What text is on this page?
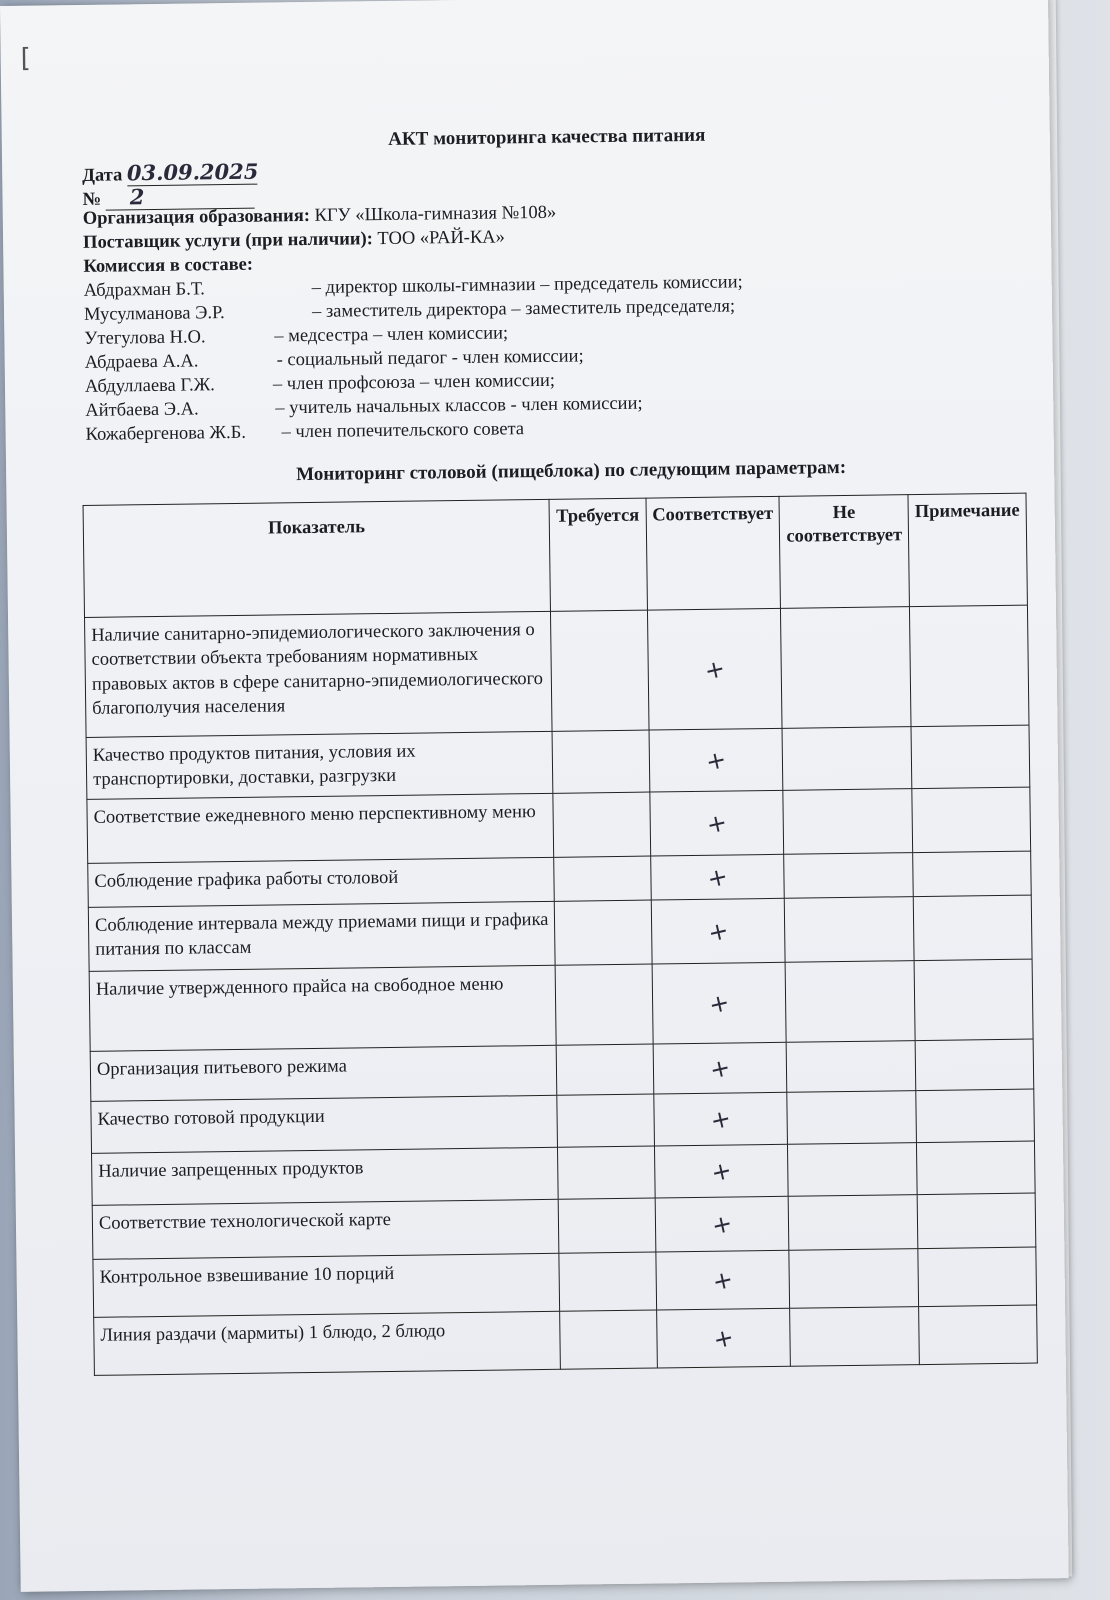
[
АКТ мониторинга качества питания
Дата 03.09.2025
№ 2
Организация образования: КГУ «Школа-гимназия №108»
Поставщик услуги (при наличии): ТОО «РАЙ-КА»
Комиссия в составе:
Абдрахман Б.Т.	– директор школы-гимназии – председатель комиссии;
Мусулманова Э.Р.	– заместитель директора – заместитель председателя;
Утегулова Н.О.	– медсестра – член комиссии;
Абдраева А.А.	- социальный педагог - член комиссии;
Абдуллаева Г.Ж.	– член профсоюза – член комиссии;
Айтбаева Э.А.	– учитель начальных классов - член комиссии;
Кожабергенова Ж.Б. – член попечительского совета
Мониторинг столовой (пищеблока) по следующим параметрам:
Показатель	Требуется	Соответствует	Не соответствует	Примечание
Наличие санитарно-эпидемиологического заключения о соответствии объекта требованиям нормативных правовых актов в сфере санитарно-эпидемиологического благополучия населения		+		
Качество продуктов питания, условия их транспортировки, доставки, разгрузки		+		
Соответствие ежедневного меню перспективному меню		+		
Соблюдение графика работы столовой		+		
Соблюдение интервала между приемами пищи и графика питания по классам		+		
Наличие утвержденного прайса на свободное меню		+		
Организация питьевого режима		+		
Качество готовой продукции		+		
Наличие запрещенных продуктов		+		
Соответствие технологической карте		+		
Контрольное взвешивание 10 порций		+		
Линия раздачи (мармиты) 1 блюдо, 2 блюдо		+		
